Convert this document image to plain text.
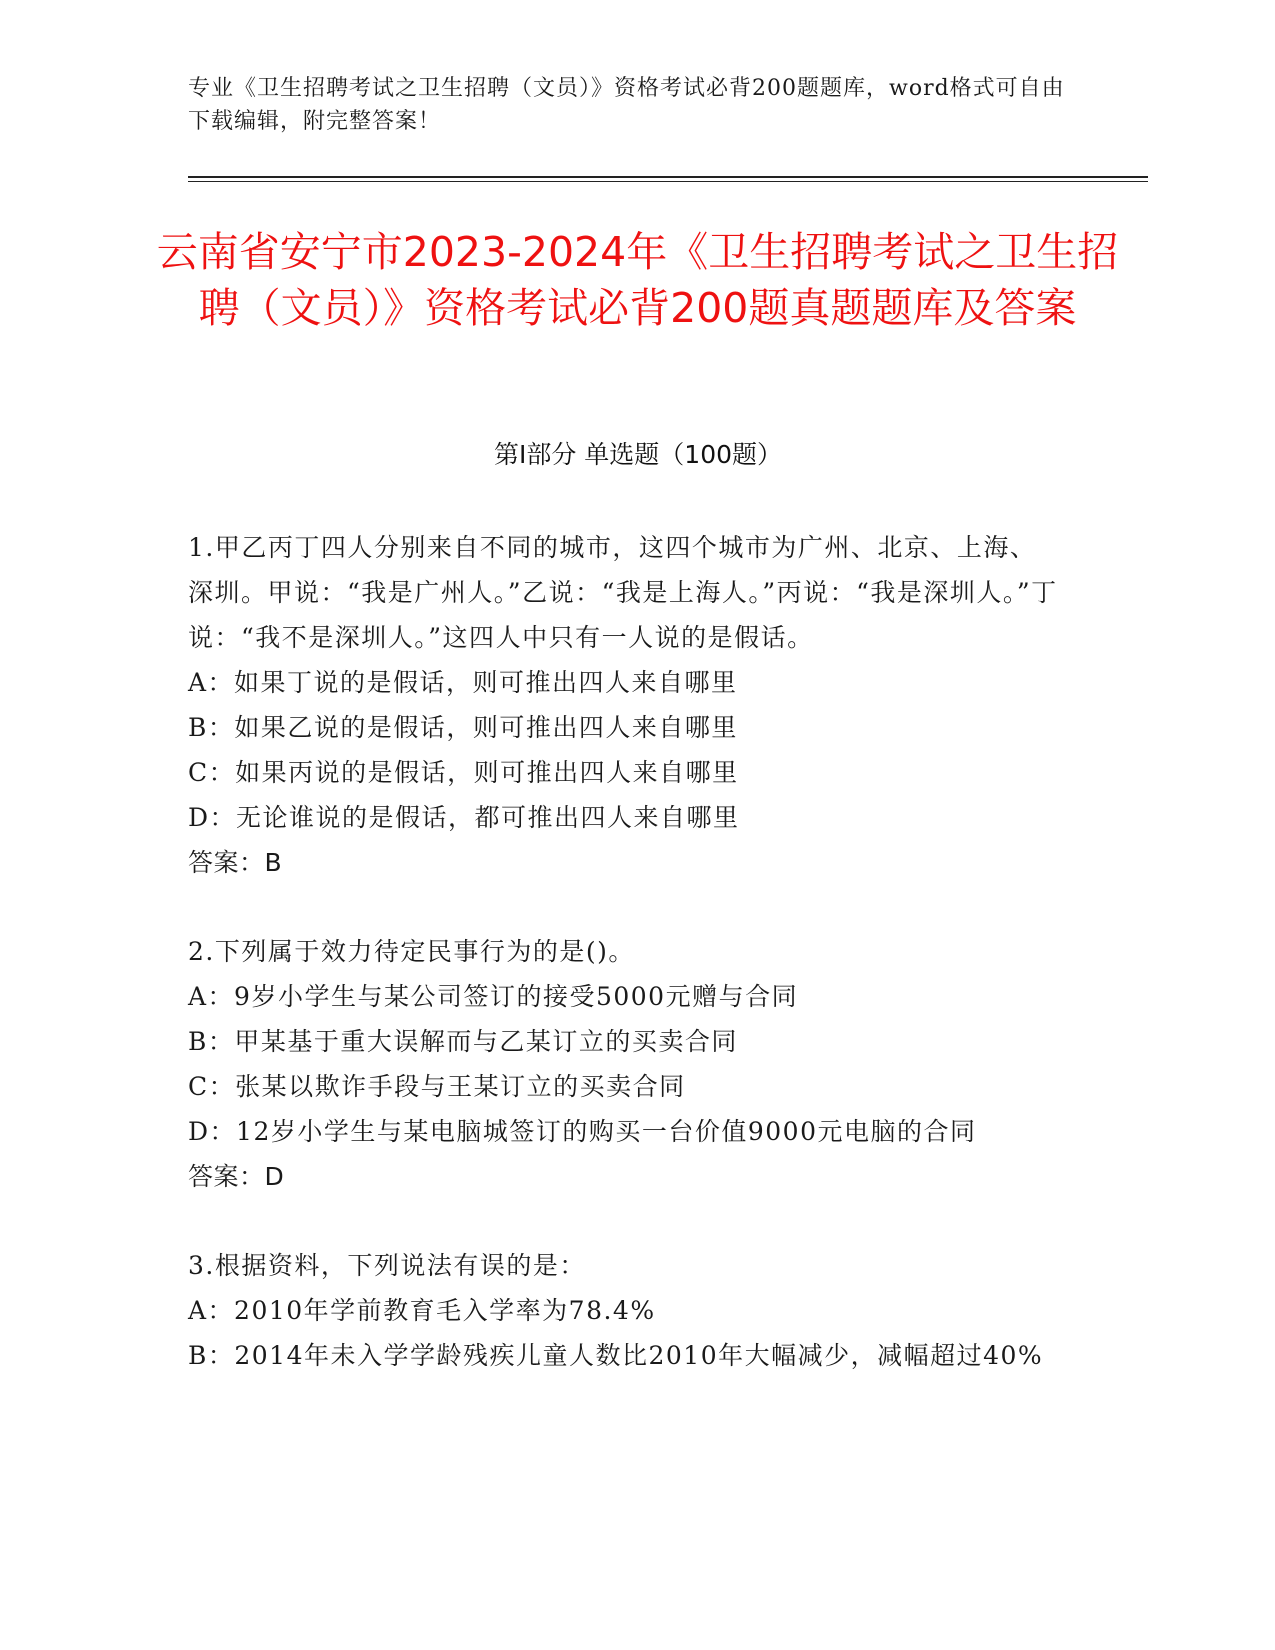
专业《卫生招聘考试之卫生招聘（文员）》资格考试必背200题题库，word格式可自由下载编辑，附完整答案！
云南省安宁市2023-2024年《卫生招聘考试之卫生招聘（文员）》资格考试必背200题真题题库及答案
第Ⅰ部分 单选题（100题）

1.甲乙丙丁四人分别来自不同的城市，这四个城市为广州、北京、上海、深圳。甲说：“我是广州人。”乙说：“我是上海人。”丙说：“我是深圳人。”丁说：“我不是深圳人。”这四人中只有一人说的是假话。

A：如果丁说的是假话，则可推出四人来自哪里

B：如果乙说的是假话，则可推出四人来自哪里

C：如果丙说的是假话，则可推出四人来自哪里

D：无论谁说的是假话，都可推出四人来自哪里

答案：B

2.下列属于效力待定民事行为的是()。

A：9岁小学生与某公司签订的接受5000元赠与合同

B：甲某基于重大误解而与乙某订立的买卖合同

C：张某以欺诈手段与王某订立的买卖合同

D：12岁小学生与某电脑城签订的购买一台价值9000元电脑的合同

答案：D

3.根据资料，下列说法有误的是：

A：2010年学前教育毛入学率为78.4%

B：2014年未入学学龄残疾儿童人数比2010年大幅减少，减幅超过40%
